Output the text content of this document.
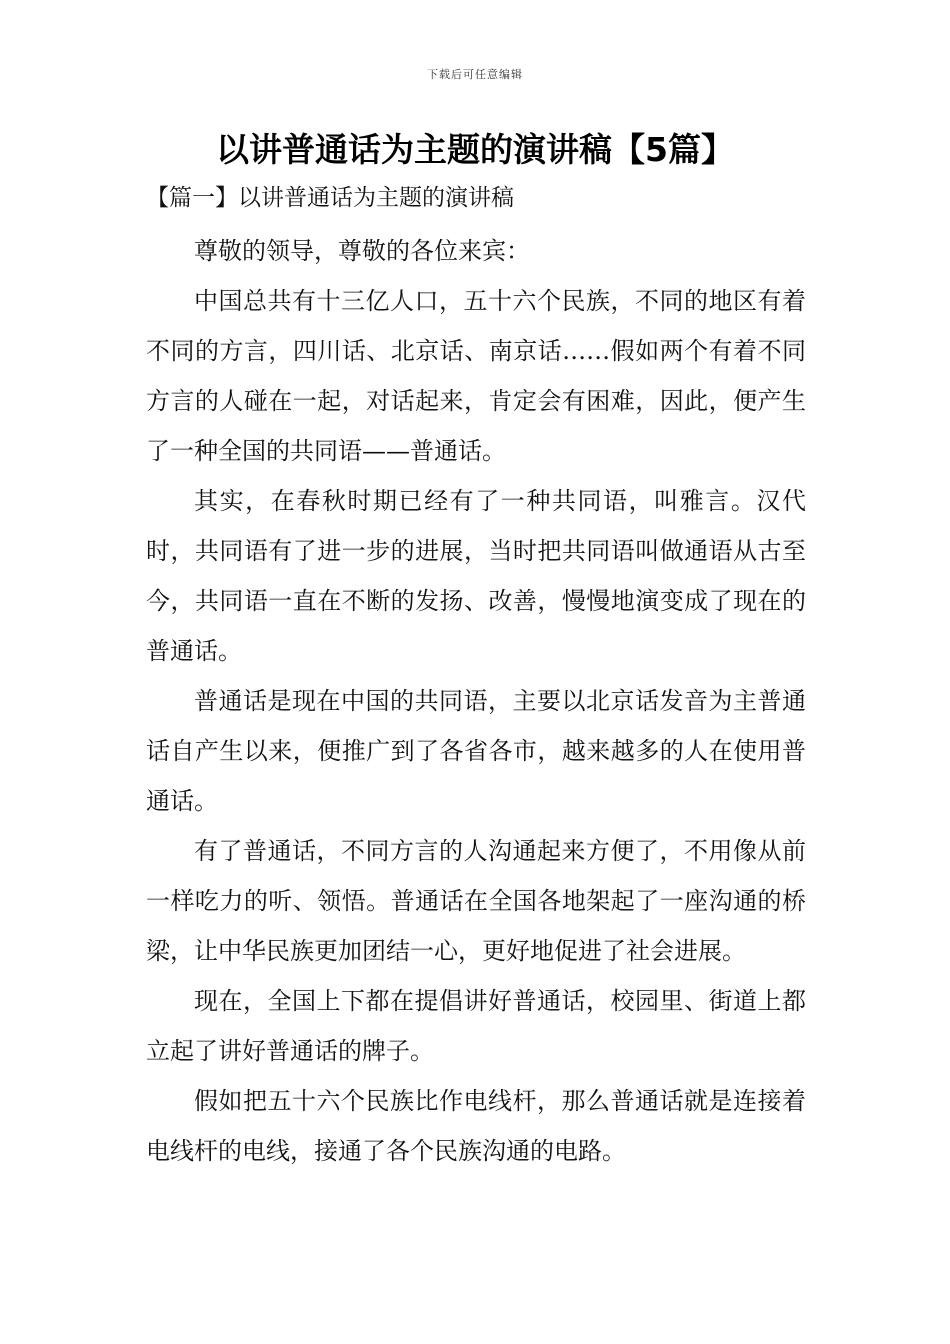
下载后可任意编辑
以讲普通话为主题的演讲稿【5篇】
【篇一】以讲普通话为主题的演讲稿

尊敬的领导，尊敬的各位来宾：

中国总共有十三亿人口，五十六个民族，不同的地区有着不同的方言，四川话、北京话、南京话……假如两个有着不同方言的人碰在一起，对话起来，肯定会有困难，因此，便产生了一种全国的共同语——普通话。

其实，在春秋时期已经有了一种共同语，叫雅言。汉代时，共同语有了进一步的进展，当时把共同语叫做通语从古至今，共同语一直在不断的发扬、改善，慢慢地演变成了现在的普通话。

普通话是现在中国的共同语，主要以北京话发音为主普通话自产生以来，便推广到了各省各市，越来越多的人在使用普通话。

有了普通话，不同方言的人沟通起来方便了，不用像从前一样吃力的听、领悟。普通话在全国各地架起了一座沟通的桥梁，让中华民族更加团结一心，更好地促进了社会进展。

现在，全国上下都在提倡讲好普通话，校园里、街道上都立起了讲好普通话的牌子。

假如把五十六个民族比作电线杆，那么普通话就是连接着电线杆的电线，接通了各个民族沟通的电路。
